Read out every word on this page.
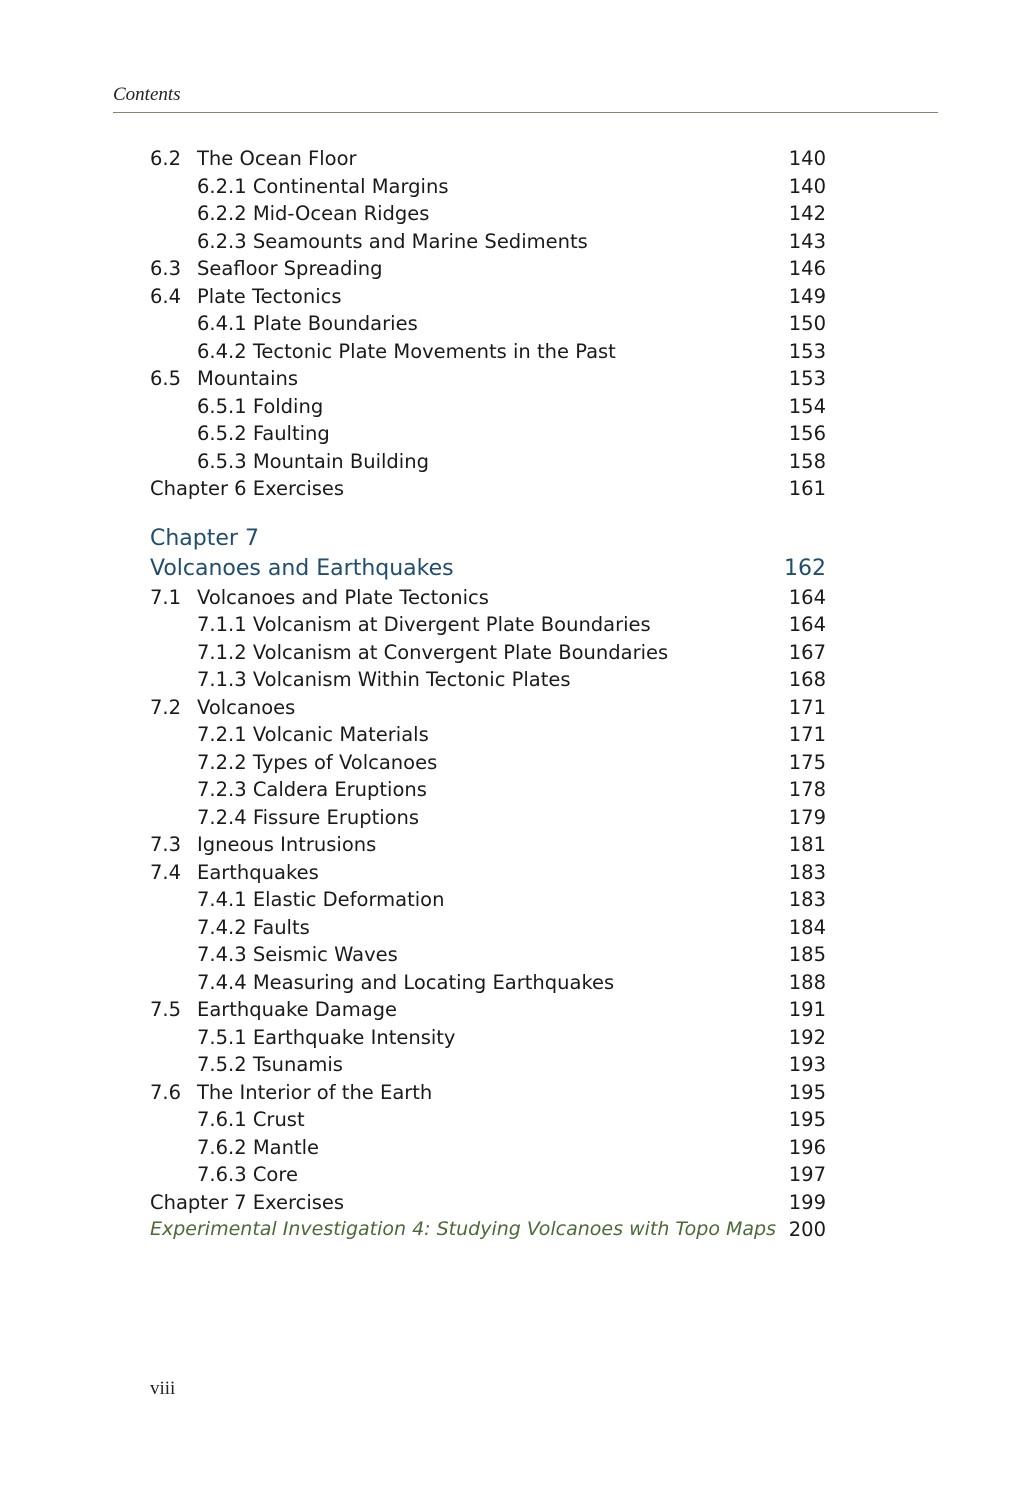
Contents
6.2 The Ocean Floor	140
6.2.1 Continental Margins	140
6.2.2 Mid-Ocean Ridges	142
6.2.3 Seamounts and Marine Sediments	143
6.3 Seafloor Spreading	146
6.4 Plate Tectonics	149
6.4.1 Plate Boundaries	150
6.4.2 Tectonic Plate Movements in the Past	153
6.5 Mountains	153
6.5.1 Folding	154
6.5.2 Faulting	156
6.5.3 Mountain Building	158
Chapter 6 Exercises	161
Chapter 7
Volcanoes and Earthquakes	162
7.1 Volcanoes and Plate Tectonics	164
7.1.1 Volcanism at Divergent Plate Boundaries	164
7.1.2 Volcanism at Convergent Plate Boundaries	167
7.1.3 Volcanism Within Tectonic Plates	168
7.2 Volcanoes	171
7.2.1 Volcanic Materials	171
7.2.2 Types of Volcanoes	175
7.2.3 Caldera Eruptions	178
7.2.4 Fissure Eruptions	179
7.3 Igneous Intrusions	181
7.4 Earthquakes	183
7.4.1 Elastic Deformation	183
7.4.2 Faults	184
7.4.3 Seismic Waves	185
7.4.4 Measuring and Locating Earthquakes	188
7.5 Earthquake Damage	191
7.5.1 Earthquake Intensity	192
7.5.2 Tsunamis	193
7.6 The Interior of the Earth	195
7.6.1 Crust	195
7.6.2 Mantle	196
7.6.3 Core	197
Chapter 7 Exercises	199
Experimental Investigation 4: Studying Volcanoes with Topo Maps 200
viii
